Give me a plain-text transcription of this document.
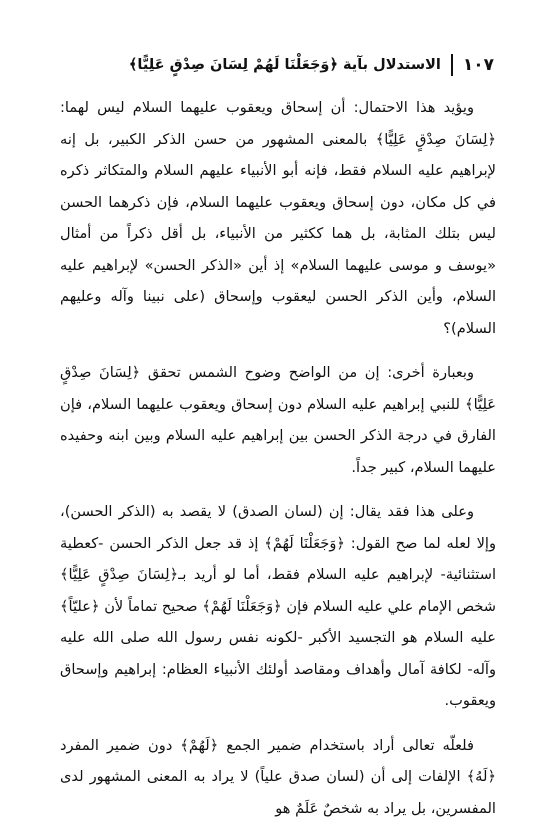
١٠٧
الاستدلال بآية ﴿وَجَعَلْنَا لَهُمْ لِسَانَ صِدْقٍ عَلِيًّا﴾

ويؤيد هذا الاحتمال: أن إسحاق ويعقوب عليهما السلام ليس لهما: ﴿لِسَانَ صِدْقٍ عَلِيًّا﴾ بالمعنى المشهور من حسن الذكر الكبير، بل إنه لإبراهيم عليه السلام فقط، فإنه أبو الأنبياء عليهم السلام والمتكاثر ذكره في كل مكان، دون إسحاق ويعقوب عليهما السلام، فإن ذكرهما الحسن ليس بتلك المثابة، بل هما ككثير من الأنبياء، بل أقل ذكراً من أمثال «يوسف و موسى عليهما السلام» إذ أين «الذكر الحسن» لإبراهيم عليه السلام، وأين الذكر الحسن ليعقوب وإسحاق (على نبينا وآله وعليهم السلام)؟

وبعبارة أخرى: إن من الواضح وضوح الشمس تحقق ﴿لِسَانَ صِدْقٍ عَلِيًّا﴾ للنبي إبراهيم عليه السلام دون إسحاق ويعقوب عليهما السلام، فإن الفارق في درجة الذكر الحسن بين إبراهيم عليه السلام وبين ابنه وحفيده عليهما السلام، كبير جداً.

وعلى هذا فقد يقال: إن (لسان الصدق) لا يقصد به (الذكر الحسن)، وإلا لعله لما صح القول: ﴿وَجَعَلْنَا لَهُمْ﴾ إذ قد جعل الذكر الحسن -كعطية استثنائية- لإبراهيم عليه السلام فقط، أما لو أريد بـ﴿لِسَانَ صِدْقٍ عَلِيًّا﴾ شخص الإمام علي عليه السلام فإن ﴿وَجَعَلْنَا لَهُمْ﴾ صحيح تماماً لأن ﴿عليّاً﴾ عليه السلام هو التجسيد الأكبر -لكونه نفس رسول الله صلى الله عليه وآله- لكافة آمال وأهداف ومقاصد أولئك الأنبياء العظام: إبراهيم وإسحاق ويعقوب.

فلعلّه تعالى أراد باستخدام ضمير الجمع ﴿لَهُمْ﴾ دون ضمير المفرد ﴿لَهُ﴾ الإلفات إلى أن (لسان صدق علياً) لا يراد به المعنى المشهور لدى المفسرين، بل يراد به شخصٌ عَلَمٌ هو
